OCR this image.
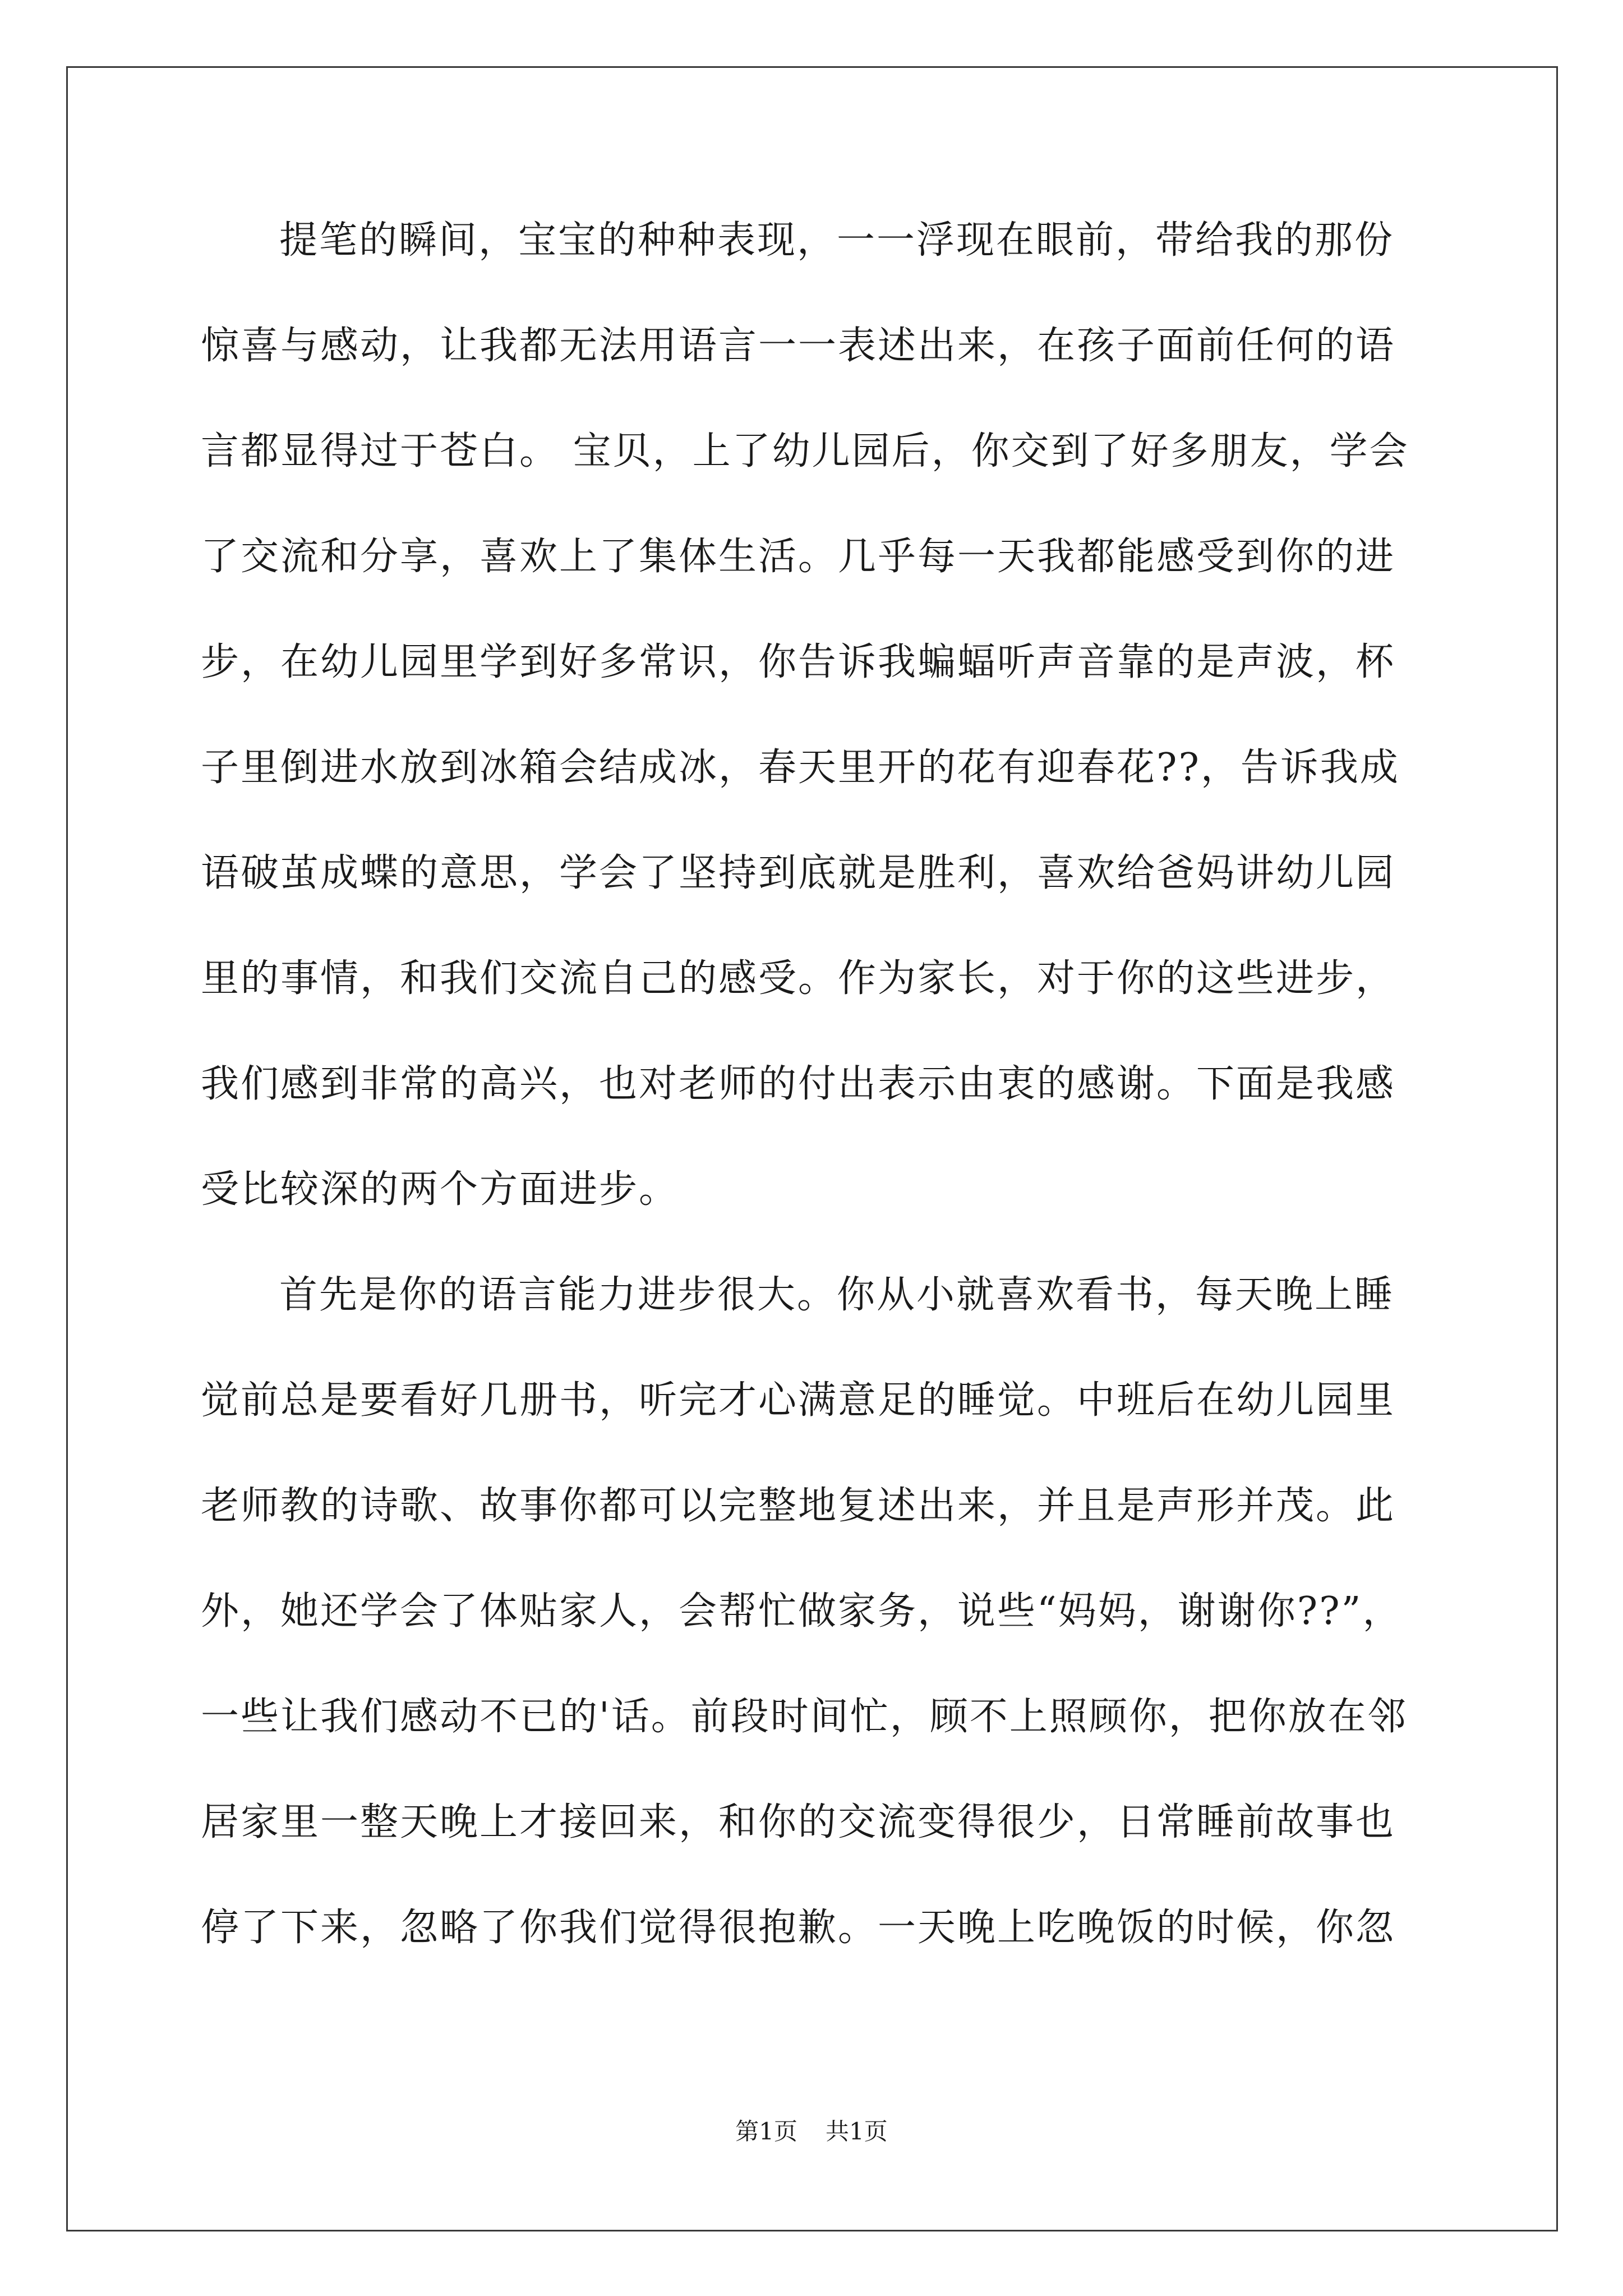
提笔的瞬间，宝宝的种种表现，一一浮现在眼前，带给我的那份
惊喜与感动，让我都无法用语言一一表述出来，在孩子面前任何的语
言都显得过于苍白。 宝贝，上了幼儿园后，你交到了好多朋友，学会
了交流和分享，喜欢上了集体生活。几乎每一天我都能感受到你的进
步，在幼儿园里学到好多常识，你告诉我蝙蝠听声音靠的是声波，杯
子里倒进水放到冰箱会结成冰，春天里开的花有迎春花??，告诉我成
语破茧成蝶的意思，学会了坚持到底就是胜利，喜欢给爸妈讲幼儿园
里的事情，和我们交流自己的感受。作为家长，对于你的这些进步，
我们感到非常的高兴，也对老师的付出表示由衷的感谢。下面是我感
受比较深的两个方面进步。
首先是你的语言能力进步很大。你从小就喜欢看书，每天晚上睡
觉前总是要看好几册书，听完才心满意足的睡觉。中班后在幼儿园里
老师教的诗歌、故事你都可以完整地复述出来，并且是声形并茂。此
外，她还学会了体贴家人，会帮忙做家务，说些“妈妈，谢谢你??”，
一些让我们感动不已的'话。前段时间忙，顾不上照顾你，把你放在邻
居家里一整天晚上才接回来，和你的交流变得很少，日常睡前故事也
停了下来，忽略了你我们觉得很抱歉。一天晚上吃晚饭的时候，你忽
第1页 共1页
